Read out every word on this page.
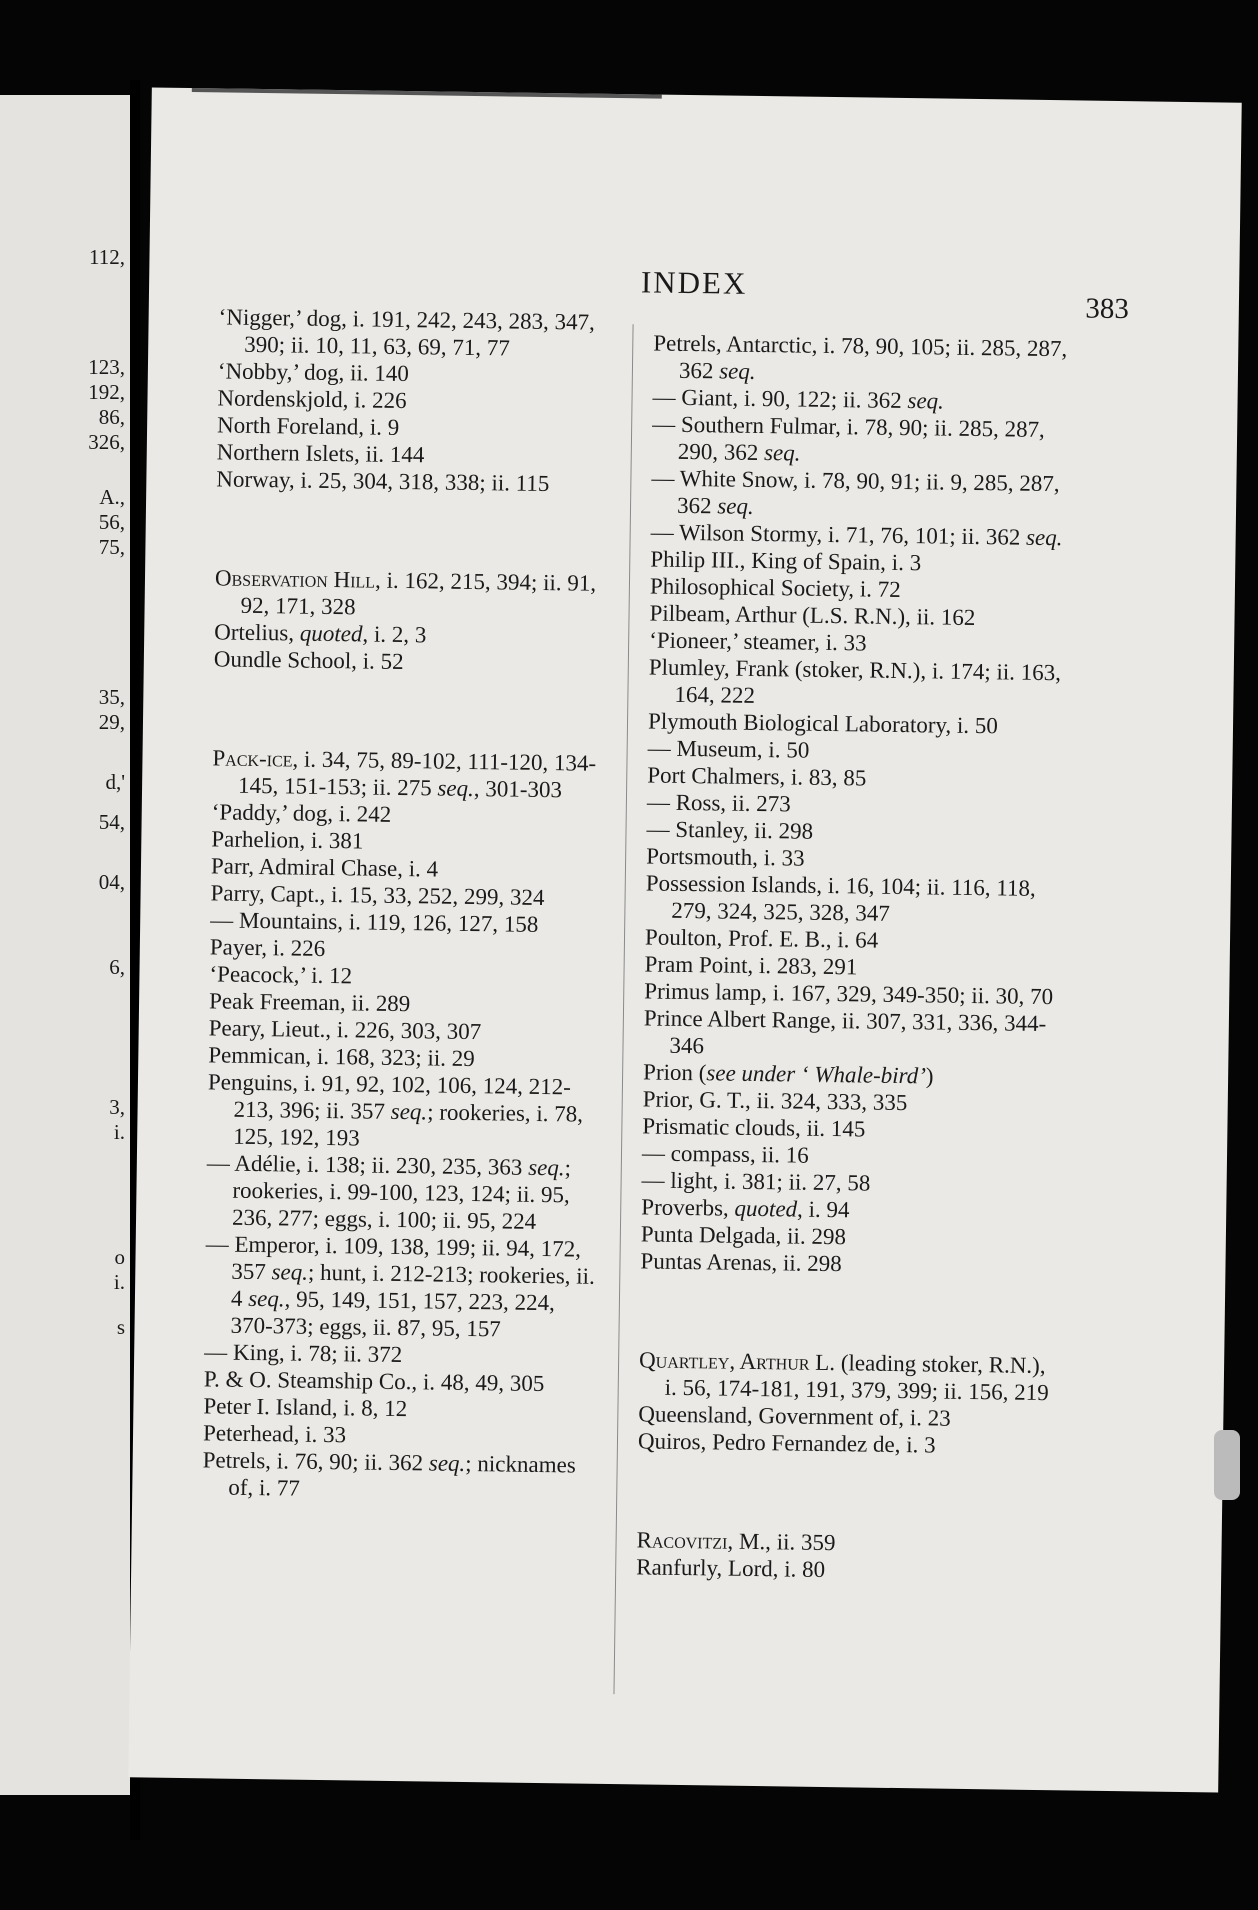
112,
123,
192,
86,
326,
A.,
56,
75,
35,
29,
d,'
54,
04,
6,
3,
i.
o
i.
s
INDEX
383

‘Nigger,’ dog, i. 191, 242, 243, 283, 347, 390; ii. 10, 11, 63, 69, 71, 77

‘Nobby,’ dog, ii. 140

Nordenskjold, i. 226

North Foreland, i. 9

Northern Islets, ii. 144

Norway, i. 25, 304, 318, 338; ii. 115

Observation Hill, i. 162, 215, 394; ii. 91, 92, 171, 328

Ortelius, quoted, i. 2, 3

Oundle School, i. 52

Pack-ice, i. 34, 75, 89-102, 111-120, 134-145, 151-153; ii. 275 seq., 301-303

‘Paddy,’ dog, i. 242

Parhelion, i. 381

Parr, Admiral Chase, i. 4

Parry, Capt., i. 15, 33, 252, 299, 324

— Mountains, i. 119, 126, 127, 158

Payer, i. 226

‘Peacock,’ i. 12

Peak Freeman, ii. 289

Peary, Lieut., i. 226, 303, 307

Pemmican, i. 168, 323; ii. 29

Penguins, i. 91, 92, 102, 106, 124, 212-213, 396; ii. 357 seq.; rookeries, i. 78, 125, 192, 193

— Adélie, i. 138; ii. 230, 235, 363 seq.; rookeries, i. 99-100, 123, 124; ii. 95, 236, 277; eggs, i. 100; ii. 95, 224

— Emperor, i. 109, 138, 199; ii. 94, 172, 357 seq.; hunt, i. 212-213; rookeries, ii. 4 seq., 95, 149, 151, 157, 223, 224, 370-373; eggs, ii. 87, 95, 157

— King, i. 78; ii. 372

P. & O. Steamship Co., i. 48, 49, 305

Peter I. Island, i. 8, 12

Peterhead, i. 33

Petrels, i. 76, 90; ii. 362 seq.; nicknames of, i. 77

Petrels, Antarctic, i. 78, 90, 105; ii. 285, 287, 362 seq.

— Giant, i. 90, 122; ii. 362 seq.

— Southern Fulmar, i. 78, 90; ii. 285, 287, 290, 362 seq.

— White Snow, i. 78, 90, 91; ii. 9, 285, 287, 362 seq.

— Wilson Stormy, i. 71, 76, 101; ii. 362 seq.

Philip III., King of Spain, i. 3

Philosophical Society, i. 72

Pilbeam, Arthur (L.S. R.N.), ii. 162

‘Pioneer,’ steamer, i. 33

Plumley, Frank (stoker, R.N.), i. 174; ii. 163, 164, 222

Plymouth Biological Laboratory, i. 50

— Museum, i. 50

Port Chalmers, i. 83, 85

— Ross, ii. 273

— Stanley, ii. 298

Portsmouth, i. 33

Possession Islands, i. 16, 104; ii. 116, 118, 279, 324, 325, 328, 347

Poulton, Prof. E. B., i. 64

Pram Point, i. 283, 291

Primus lamp, i. 167, 329, 349-350; ii. 30, 70

Prince Albert Range, ii. 307, 331, 336, 344-346

Prion (see under ‘ Whale-bird’)

Prior, G. T., ii. 324, 333, 335

Prismatic clouds, ii. 145

— compass, ii. 16

— light, i. 381; ii. 27, 58

Proverbs, quoted, i. 94

Punta Delgada, ii. 298

Puntas Arenas, ii. 298

Quartley, Arthur L. (leading stoker, R.N.), i. 56, 174-181, 191, 379, 399; ii. 156, 219

Queensland, Government of, i. 23

Quiros, Pedro Fernandez de, i. 3

Racovitzi, M., ii. 359

Ranfurly, Lord, i. 80
